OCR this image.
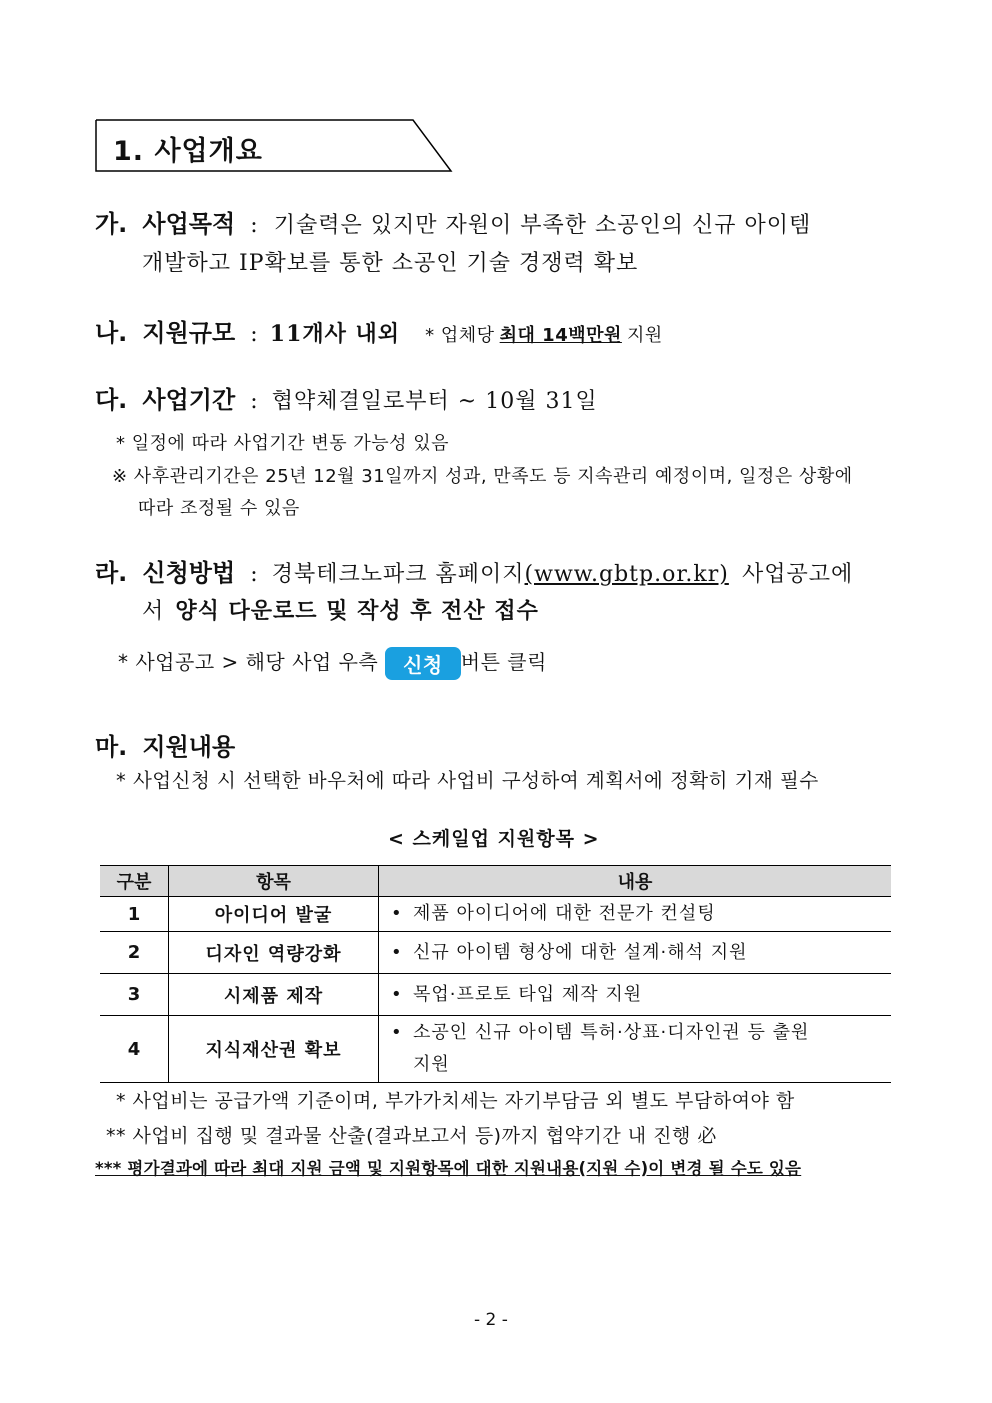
1. 사업개요
가. 사업목적 : 기술력은 있지만 자원이 부족한 소공인의 신규 아이템
개발하고 IP확보를 통한 소공인 기술 경쟁력 확보
나. 지원규모 : 11개사 내외 * 업체당 최대 14백만원 지원
다. 사업기간 : 협약체결일로부터 ~ 10월 31일
* 일정에 따라 사업기간 변동 가능성 있음
※ 사후관리기간은 25년 12월 31일까지 성과, 만족도 등 지속관리 예정이며, 일정은 상황에
따라 조정될 수 있음
라. 신청방법 : 경북테크노파크 홈페이지(www.gbtp.or.kr) 사업공고에
서 양식 다운로드 및 작성 후 전산 접수
* 사업공고 > 해당 사업 우측 신청 버튼 클릭
마. 지원내용
* 사업신청 시 선택한 바우처에 따라 사업비 구성하여 계획서에 정확히 기재 필수
< 스케일업 지원항목 >
구분	항목	내용
1	아이디어 발굴	• 제품 아이디어에 대한 전문가 컨설팅
2	디자인 역량강화	• 신규 아이템 형상에 대한 설계·해석 지원
3	시제품 제작	• 목업·프로토 타입 제작 지원
4	지식재산권 확보	• 소공인 신규 아이템 특허·상표·디자인권 등 출원
지원
* 사업비는 공급가액 기준이며, 부가가치세는 자기부담금 외 별도 부담하여야 함
** 사업비 집행 및 결과물 산출(결과보고서 등)까지 협약기간 내 진행 必
*** 평가결과에 따라 최대 지원 금액 및 지원항목에 대한 지원내용(지원 수)이 변경 될 수도 있음
- 2 -
